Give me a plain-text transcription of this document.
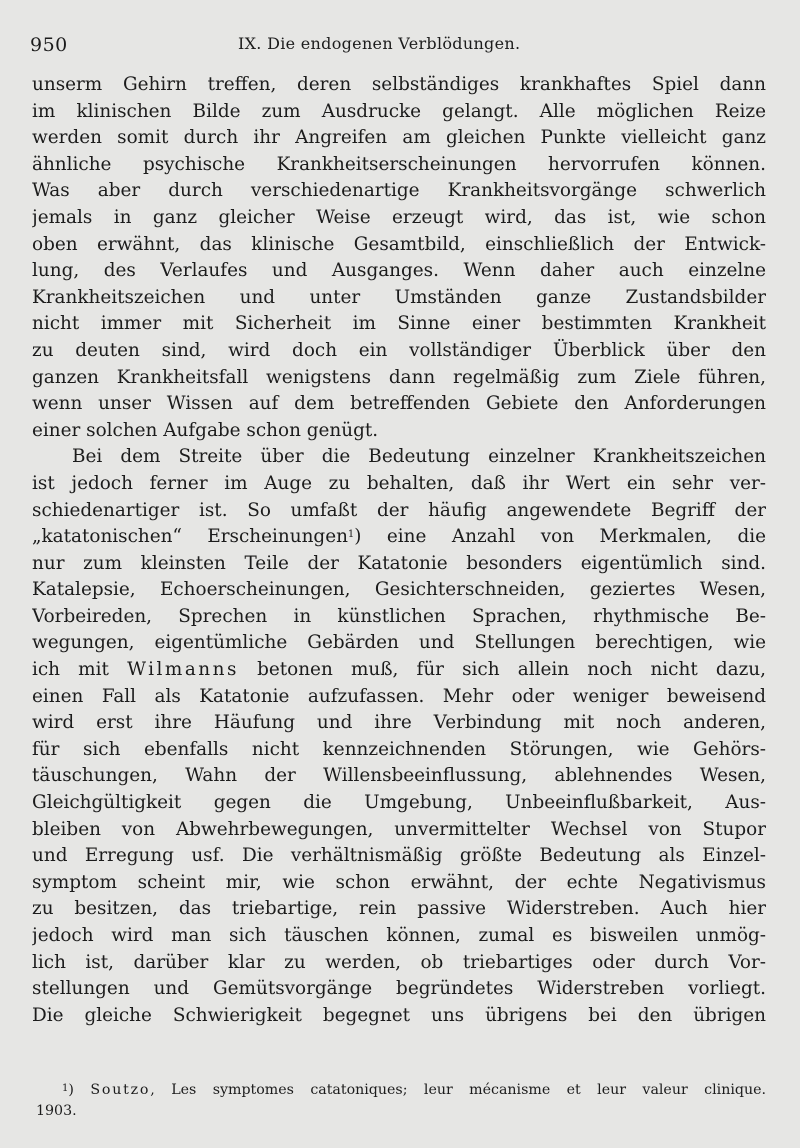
950	IX. Die endogenen Verblödungen.
unserm Gehirn treffen, deren selbständiges krankhaftes Spiel dann
im klinischen Bilde zum Ausdrucke gelangt. Alle möglichen Reize
werden somit durch ihr Angreifen am gleichen Punkte vielleicht ganz
ähnliche psychische Krankheitserscheinungen hervorrufen können.
Was aber durch verschiedenartige Krankheitsvorgänge schwerlich
jemals in ganz gleicher Weise erzeugt wird, das ist, wie schon
oben erwähnt, das klinische Gesamtbild, einschließlich der Entwick-
lung, des Verlaufes und Ausganges. Wenn daher auch einzelne
Krankheitszeichen und unter Umständen ganze Zustandsbilder
nicht immer mit Sicherheit im Sinne einer bestimmten Krankheit
zu deuten sind, wird doch ein vollständiger Überblick über den
ganzen Krankheitsfall wenigstens dann regelmäßig zum Ziele führen,
wenn unser Wissen auf dem betreffenden Gebiete den Anforderungen
einer solchen Aufgabe schon genügt.
Bei dem Streite über die Bedeutung einzelner Krankheitszeichen
ist jedoch ferner im Auge zu behalten, daß ihr Wert ein sehr ver-
schiedenartiger ist. So umfaßt der häufig angewendete Begriff der
„katatonischen“ Erscheinungen$^1$) eine Anzahl von Merkmalen, die
nur zum kleinsten Teile der Katatonie besonders eigentümlich sind.
Katalepsie, Echoerscheinungen, Gesichterschneiden, geziertes Wesen,
Vorbeireden, Sprechen in künstlichen Sprachen, rhythmische Be-
wegungen, eigentümliche Gebärden und Stellungen berechtigen, wie
ich mit Wilmanns betonen muß, für sich allein noch nicht dazu,
einen Fall als Katatonie aufzufassen. Mehr oder weniger beweisend
wird erst ihre Häufung und ihre Verbindung mit noch anderen,
für sich ebenfalls nicht kennzeichnenden Störungen, wie Gehörs-
täuschungen, Wahn der Willensbeeinflussung, ablehnendes Wesen,
Gleichgültigkeit gegen die Umgebung, Unbeeinflußbarkeit, Aus-
bleiben von Abwehrbewegungen, unvermittelter Wechsel von Stupor
und Erregung usf. Die verhältnismäßig größte Bedeutung als Einzel-
symptom scheint mir, wie schon erwähnt, der echte Negativismus
zu besitzen, das triebartige, rein passive Widerstreben. Auch hier
jedoch wird man sich täuschen können, zumal es bisweilen unmög-
lich ist, darüber klar zu werden, ob triebartiges oder durch Vor-
stellungen und Gemütsvorgänge begründetes Widerstreben vorliegt.
Die gleiche Schwierigkeit begegnet uns übrigens bei den übrigen
$^1$) Soutzo, Les symptomes catatoniques; leur mécanisme et leur valeur clinique.
1903.
